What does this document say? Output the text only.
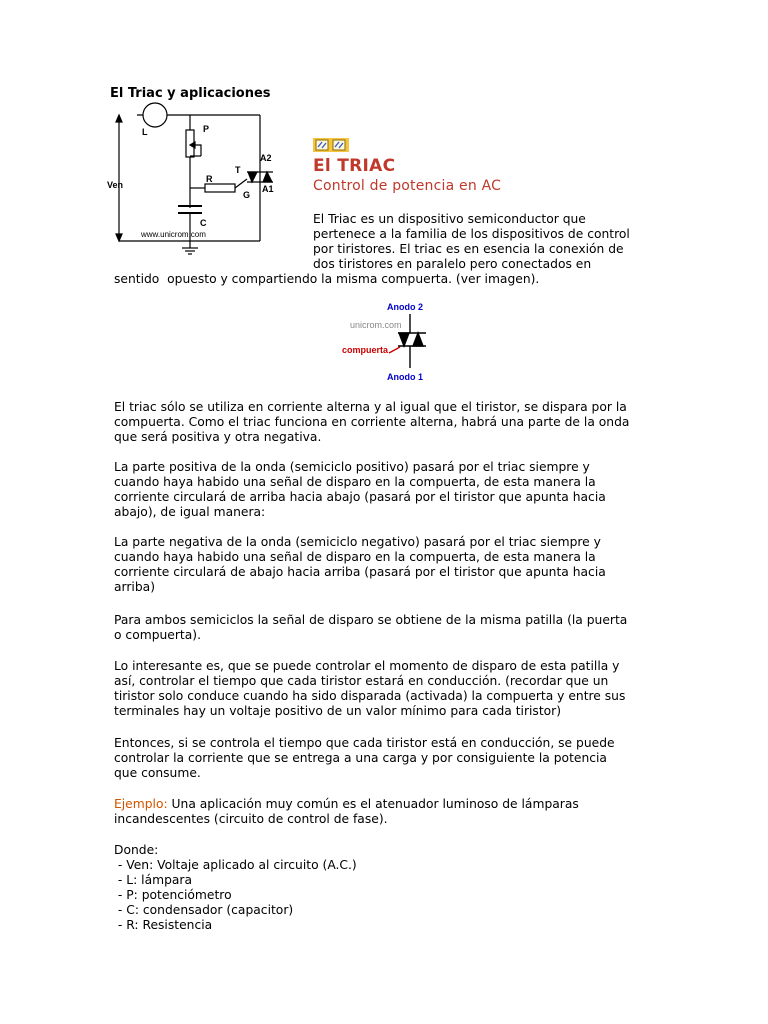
El Triac y aplicaciones
L	P
T
A2
Ven
R
G
A1
C
www.unicrom.com
El TRIAC
Control de potencia en AC

El Triac es un dispositivo semiconductor que
pertenece a la familia de los dispositivos de control
por tiristores. El triac es en esencia la conexión de
dos tiristores en paralelo pero conectados en

sentido  opuesto y compartiendo la misma compuerta. (ver imagen).
Anodo 2
unicrom.com
compuerta
Anodo 1

El triac sólo se utiliza en corriente alterna y al igual que el tiristor, se dispara por la
compuerta. Como el triac funciona en corriente alterna, habrá una parte de la onda
que será positiva y otra negativa.

La parte positiva de la onda (semiciclo positivo) pasará por el triac siempre y
cuando haya habido una señal de disparo en la compuerta, de esta manera la
corriente circulará de arriba hacia abajo (pasará por el tiristor que apunta hacia
abajo), de igual manera:

La parte negativa de la onda (semiciclo negativo) pasará por el triac siempre y
cuando haya habido una señal de disparo en la compuerta, de esta manera la
corriente circulará de abajo hacia arriba (pasará por el tiristor que apunta hacia
arriba)

Para ambos semiciclos la señal de disparo se obtiene de la misma patilla (la puerta
o compuerta).

Lo interesante es, que se puede controlar el momento de disparo de esta patilla y
así, controlar el tiempo que cada tiristor estará en conducción. (recordar que un
tiristor solo conduce cuando ha sido disparada (activada) la compuerta y entre sus
terminales hay un voltaje positivo de un valor mínimo para cada tiristor)

Entonces, si se controla el tiempo que cada tiristor está en conducción, se puede
controlar la corriente que se entrega a una carga y por consiguiente la potencia
que consume.

Ejemplo: Una aplicación muy común es el atenuador luminoso de lámparas
incandescentes (circuito de control de fase).

Donde:
- Ven: Voltaje aplicado al circuito (A.C.)
- L: lámpara
- P: potenciómetro
- C: condensador (capacitor)
- R: Resistencia
